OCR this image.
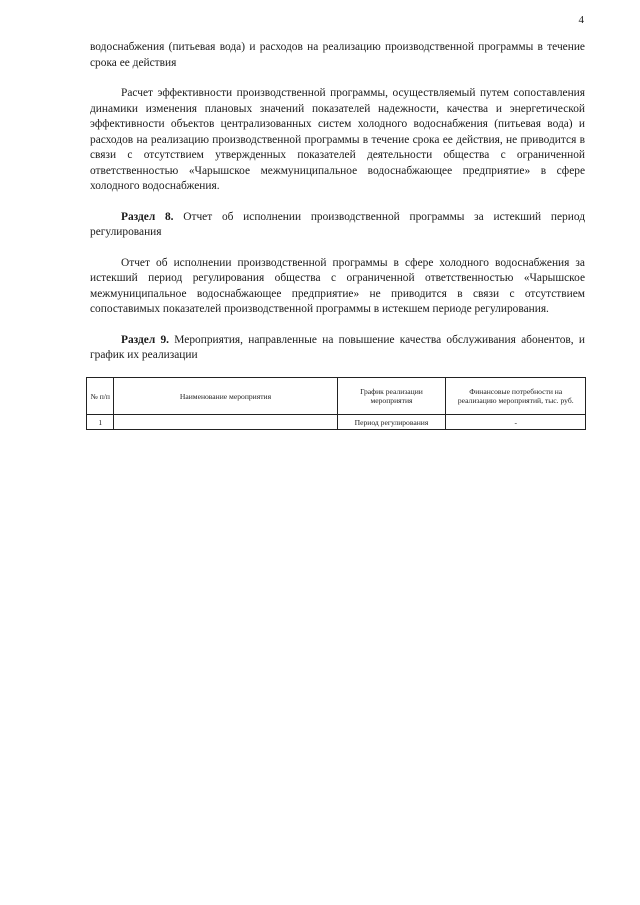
4

водоснабжения (питьевая вода) и расходов на реализацию производственной программы в течение срока ее действия

Расчет эффективности производственной программы, осуществляемый путем сопоставления динамики изменения плановых значений показателей надежности, качества и энергетической эффективности объектов централизованных систем холодного водоснабжения (питьевая вода) и расходов на реализацию производственной программы в течение срока ее действия, не приводится в связи с отсутствием утвержденных показателей деятельности общества с ограниченной ответственностью «Чарышское межмуниципальное водоснабжающее предприятие» в сфере холодного водоснабжения.

Раздел 8. Отчет об исполнении производственной программы за истекший период регулирования

Отчет об исполнении производственной программы в сфере холодного водоснабжения за истекший период регулирования общества с ограниченной ответственностью «Чарышское межмуниципальное водоснабжающее предприятие» не приводится в связи с отсутствием сопоставимых показателей производственной программы в истекшем периоде регулирования.

Раздел 9. Мероприятия, направленные на повышение качества обслуживания абонентов, и график их реализации

№ п/п	Наименование мероприятия	График реализации мероприятия	Финансовые потребности на реализацию мероприятий, тыс. руб.
1		Период регулирования	-
